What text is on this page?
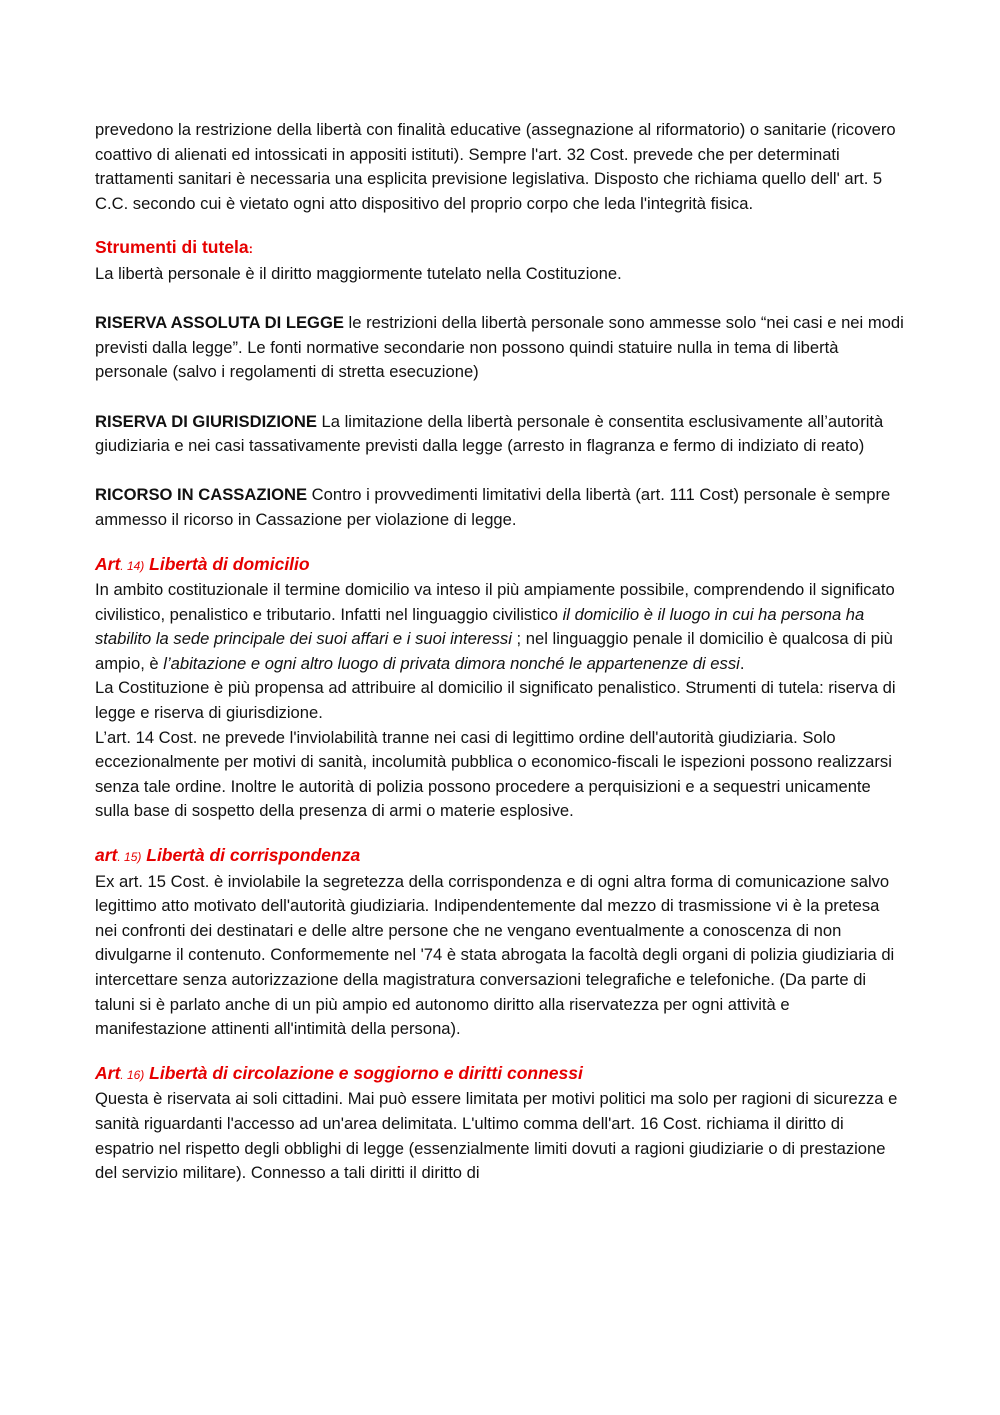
prevedono la restrizione della libertà con finalità educative (assegnazione al riformatorio) o sanitarie (ricovero coattivo di alienati ed intossicati in appositi istituti). Sempre l'art. 32 Cost. prevede che per determinati trattamenti sanitari è necessaria una esplicita previsione legislativa. Disposto che richiama quello dell' art. 5 C.C. secondo cui è vietato ogni atto dispositivo del proprio corpo che leda l'integrità fisica.

Strumenti di tutela:

La libertà personale è il diritto maggiormente tutelato nella Costituzione.

RISERVA ASSOLUTA DI LEGGE le restrizioni della libertà personale sono ammesse solo “nei casi e nei modi previsti dalla legge”. Le fonti normative secondarie non possono quindi statuire nulla in tema di libertà personale (salvo i regolamenti di stretta esecuzione)

RISERVA DI GIURISDIZIONE La limitazione della libertà personale è consentita esclusivamente all’autorità giudiziaria e nei casi tassativamente previsti dalla legge (arresto in flagranza e fermo di indiziato di reato)

RICORSO IN CASSAZIONE Contro i provvedimenti limitativi della libertà (art. 111 Cost) personale è sempre ammesso il ricorso in Cassazione per violazione di legge.

Art. 14) Libertà di domicilio

In ambito costituzionale il termine domicilio va inteso il più ampiamente possibile, comprendendo il significato civilistico, penalistico e tributario. Infatti nel linguaggio civilistico il domicilio è il luogo in cui ha persona ha stabilito la sede principale dei suoi affari e i suoi interessi ; nel linguaggio penale il domicilio è qualcosa di più ampio, è l’abitazione e ogni altro luogo di privata dimora nonché le appartenenze di essi.

La Costituzione è più propensa ad attribuire al domicilio il significato penalistico. Strumenti di tutela: riserva di legge e riserva di giurisdizione.

L’art. 14 Cost. ne prevede l'inviolabilità tranne nei casi di legittimo ordine dell'autorità giudiziaria. Solo eccezionalmente per motivi di sanità, incolumità pubblica o economico-fiscali le ispezioni possono realizzarsi senza tale ordine. Inoltre le autorità di polizia possono procedere a perquisizioni e a sequestri unicamente sulla base di sospetto della presenza di armi o materie esplosive.

art. 15) Libertà di corrispondenza

Ex art. 15 Cost. è inviolabile la segretezza della corrispondenza e di ogni altra forma di comunicazione salvo legittimo atto motivato dell'autorità giudiziaria. Indipendentemente dal mezzo di trasmissione vi è la pretesa nei confronti dei destinatari e delle altre persone che ne vengano eventualmente a conoscenza di non divulgarne il contenuto. Conformemente nel '74 è stata abrogata la facoltà degli organi di polizia giudiziaria di intercettare senza autorizzazione della magistratura conversazioni telegrafiche e telefoniche. (Da parte di taluni si è parlato anche di un più ampio ed autonomo diritto alla riservatezza per ogni attività e manifestazione attinenti all'intimità della persona).

Art. 16) Libertà di circolazione e soggiorno e diritti connessi

Questa è riservata ai soli cittadini. Mai può essere limitata per motivi politici ma solo per ragioni di sicurezza e sanità riguardanti l'accesso ad un'area delimitata. L'ultimo comma dell'art. 16 Cost. richiama il diritto di espatrio nel rispetto degli obblighi di legge (essenzialmente limiti dovuti a ragioni giudiziarie o di prestazione del servizio militare). Connesso a tali diritti il diritto di
